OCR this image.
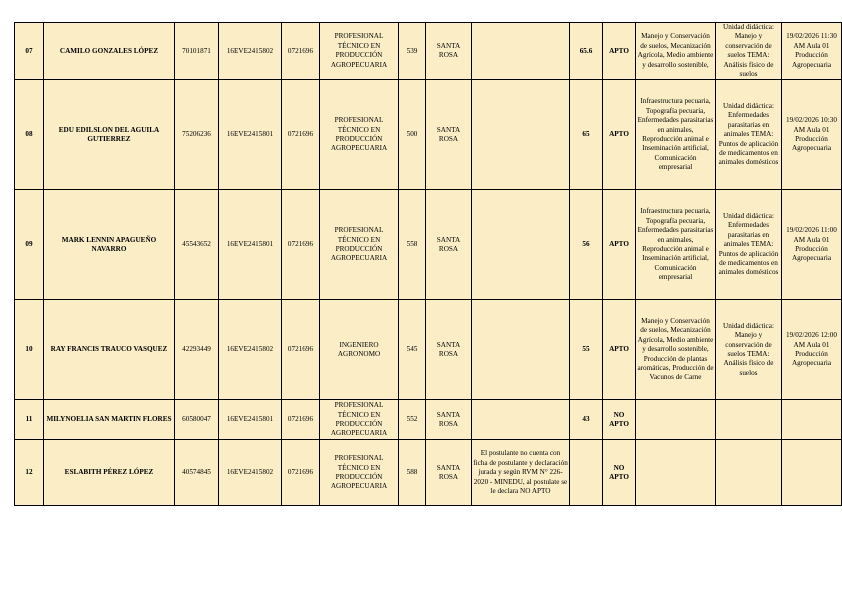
07	CAMILO GONZALES LÓPEZ	70101871	16EVE2415802	0721696	PROFESIONAL TÉCNICO EN PRODUCCIÓN AGROPECUARIA	539	SANTA ROSA		65.6	APTO	Manejo y Conservación de suelos, Mecanización Agrícola, Medio ambiente y desarrollo sostenible,	Unidad didáctica: Manejo y conservación de suelos TEMA: Análisis físico de suelos	19/02/2026 11:30 AM Aula 01 Producción Agropecuaria
08	EDU EDILSLON DEL AGUILA GUTIERREZ	75206236	16EVE2415801	0721696	PROFESIONAL TÉCNICO EN PRODUCCIÓN AGROPECUARIA	500	SANTA ROSA		65	APTO	Infraestructura pecuaria, Topografía pecuaria, Enfermedades parasitarias en animales, Reproducción animal e Inseminación artificial, Comunicación empresarial	Unidad didáctica: Enfermedades parasitarias en animales TEMA: Puntos de aplicación de medicamentos en animales domésticos	19/02/2026 10:30 AM Aula 01 Producción Agropecuaria
09	MARK LENNIN APAGUEÑO NAVARRO	45543652	16EVE2415801	0721696	PROFESIONAL TÉCNICO EN PRODUCCIÓN AGROPECUARIA	558	SANTA ROSA		56	APTO	Infraestructura pecuaria, Topografía pecuaria, Enfermedades parasitarias en animales, Reproducción animal e Inseminación artificial, Comunicación empresarial	Unidad didáctica: Enfermedades parasitarias en animales TEMA: Puntos de aplicación de medicamentos en animales domésticos	19/02/2026 11:00 AM Aula 01 Producción Agropecuaria
10	RAY FRANCIS TRAUCO VASQUEZ	42293449	16EVE2415802	0721696	INGENIERO AGRONOMO	545	SANTA ROSA		55	APTO	Manejo y Conservación de suelos, Mecanización Agrícola, Medio ambiente y desarrollo sostenible, Producción de plantas aromáticas, Producción de Vacunos de Carne	Unidad didáctica: Manejo y conservación de suelos TEMA: Análisis físico de suelos	19/02/2026 12:00 AM Aula 01 Producción Agropecuaria
11	MILYNOELIA SAN MARTIN FLORES	60580047	16EVE2415801	0721696	PROFESIONAL TÉCNICO EN PRODUCCIÓN AGROPECUARIA	552	SANTA ROSA		43	NO APTO			
12	ESLABITH PÉREZ LÓPEZ	40574845	16EVE2415802	0721696	PROFESIONAL TÉCNICO EN PRODUCCIÓN AGROPECUARIA	588	SANTA ROSA	El postulante no cuenta con ficha de postulante y declaración jurada y según RVM N° 226-2020 - MINEDU, al postulate se le declara NO APTO		NO APTO			
